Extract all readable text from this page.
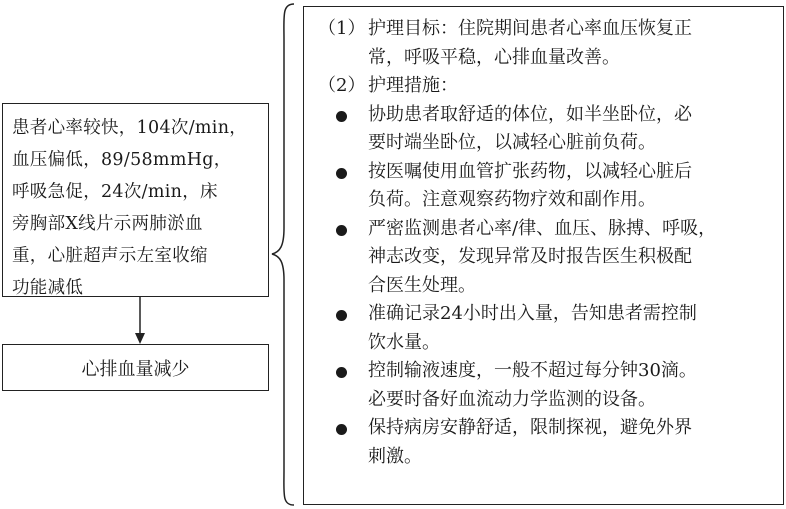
患者心率较快，104次/min，
血压偏低，89/58mmHg，
呼吸急促，24次/min，床
旁胸部X线片示两肺淤血
重，心脏超声示左室收缩
功能减低
心排血量减少
（1） 护理目标：住院期间患者心率血压恢复正
常，呼吸平稳，心排血量改善。
（2） 护理措施：
协助患者取舒适的体位，如半坐卧位，必
要时端坐卧位，以减轻心脏前负荷。
按医嘱使用血管扩张药物，以减轻心脏后
负荷。注意观察药物疗效和副作用。
严密监测患者心率/律、血压、脉搏、呼吸，
神志改变，发现异常及时报告医生积极配
合医生处理。
准确记录24小时出入量，告知患者需控制
饮水量。
控制输液速度，一般不超过每分钟30滴。
必要时备好血流动力学监测的设备。
保持病房安静舒适，限制探视，避免外界
刺激。
